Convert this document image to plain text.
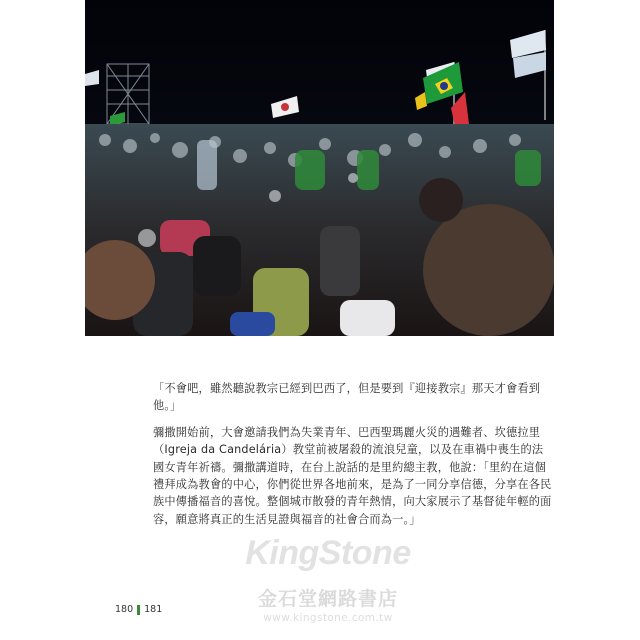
「不會吧，雖然聽說教宗已經到巴西了，但是要到『迎接教宗』那天才會看到他。」

彌撒開始前，大會邀請我們為失業青年、巴西聖瑪麗火災的遇難者、坎德拉里（Igreja da Candelária）教堂前被屠殺的流浪兒童，以及在車禍中喪生的法國女青年祈禱。彌撒講道時，在台上說話的是里約總主教，他說：「里約在這個禮拜成為教會的中心，你們從世界各地前來，是為了一同分享信德，分享在各民族中傳播福音的喜悅。整個城市散發的青年熱情，向大家展示了基督徒年輕的面容，願意將真正的生活見證與福音的社會合而為一。」

KingStone
金石堂網路書店
www.kingstone.com.tw
180 181
